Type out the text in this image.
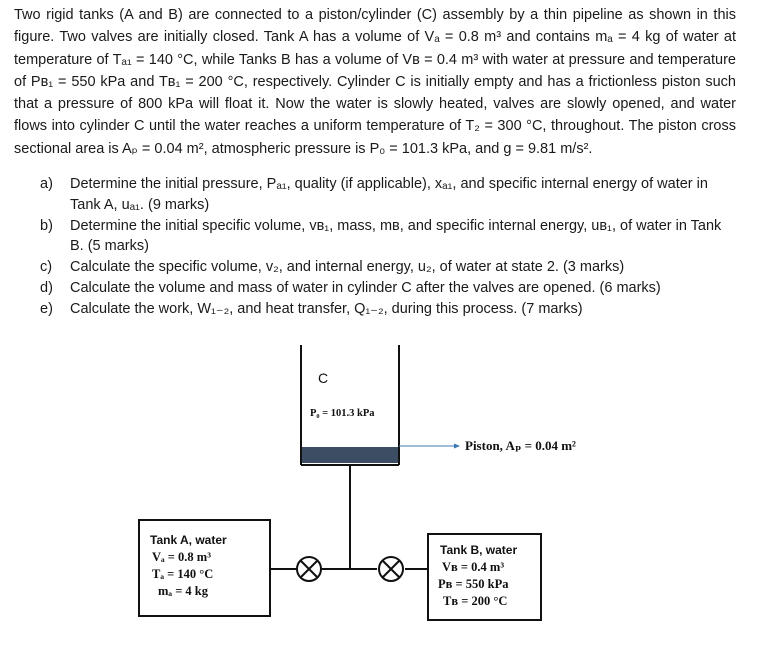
Two rigid tanks (A and B) are connected to a piston/cylinder (C) assembly by a thin pipeline as shown in this figure. Two valves are initially closed. Tank A has a volume of Vₐ = 0.8 m³ and contains mₐ = 4 kg of water at temperature of Tₐ₁ = 140 °C, while Tanks B has a volume of Vʙ = 0.4 m³ with water at pressure and temperature of Pʙ₁ = 550 kPa and Tʙ₁ = 200 °C, respectively. Cylinder C is initially empty and has a frictionless piston such that a pressure of 800 kPa will float it. Now the water is slowly heated, valves are slowly opened, and water flows into cylinder C until the water reaches a uniform temperature of T₂ = 300 °C, throughout. The piston cross sectional area is Aₚ = 0.04 m², atmospheric pressure is P₀ = 101.3 kPa, and g = 9.81 m/s².

a)	Determine the initial pressure, Pₐ₁, quality (if applicable), xₐ₁, and specific internal energy of water in Tank A, uₐ₁. (9 marks)
b)	Determine the initial specific volume, vʙ₁, mass, mʙ, and specific internal energy, uʙ₁, of water in Tank B. (5 marks)
c)	Calculate the specific volume, v₂, and internal energy, u₂, of water at state 2. (3 marks)
d)	Calculate the volume and mass of water in cylinder C after the valves are opened. (6 marks)
e)	Calculate the work, W₁₋₂, and heat transfer, Q₁₋₂, during this process. (7 marks)
C
P₀ = 101.3 kPa
Piston, Aₚ = 0.04 m²
Tank A, water
Vₐ = 0.8 m³
Tₐ = 140 °C
mₐ = 4 kg
Tank B, water
Vʙ = 0.4 m³
Pʙ = 550 kPa
Tʙ = 200 °C
